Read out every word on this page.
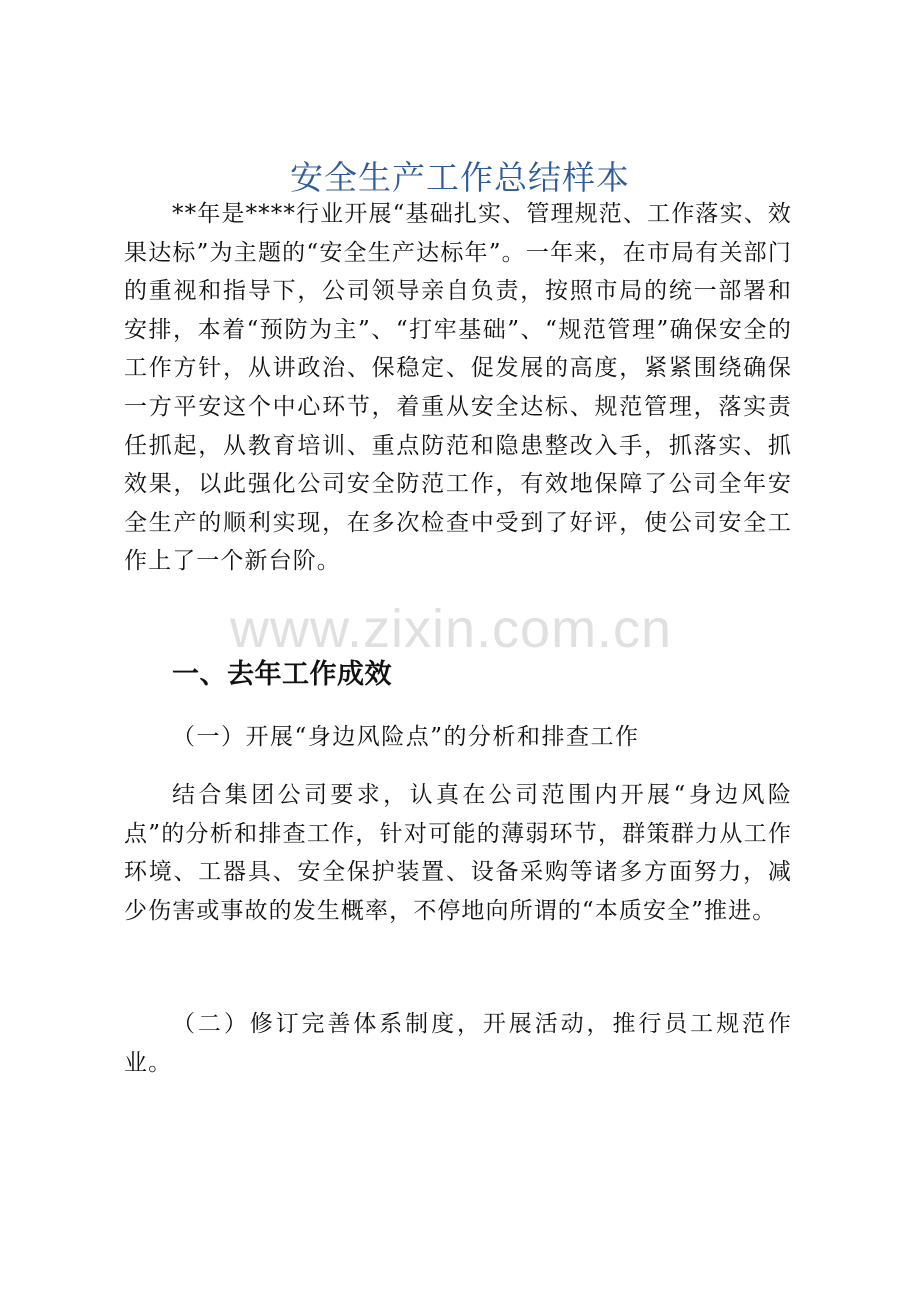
安全生产工作总结样本

**年是****行业开展“基础扎实、管理规范、工作落实、效果达标”为主题的“安全生产达标年”。一年来，在市局有关部门的重视和指导下，公司领导亲自负责，按照市局的统一部署和安排，本着“预防为主”、“打牢基础”、“规范管理”确保安全的工作方针，从讲政治、保稳定、促发展的高度，紧紧围绕确保一方平安这个中心环节，着重从安全达标、规范管理，落实责任抓起，从教育培训、重点防范和隐患整改入手，抓落实、抓效果，以此强化公司安全防范工作，有效地保障了公司全年安全生产的顺利实现，在多次检查中受到了好评，使公司安全工作上了一个新台阶。

www.zixin.com.cn
一、去年工作成效
（一）开展“身边风险点”的分析和排查工作

结合集团公司要求，认真在公司范围内开展“身边风险点”的分析和排查工作，针对可能的薄弱环节，群策群力从工作环境、工器具、安全保护装置、设备采购等诸多方面努力，减少伤害或事故的发生概率，不停地向所谓的“本质安全”推进。

（二）修订完善体系制度，开展活动，推行员工规范作业。
